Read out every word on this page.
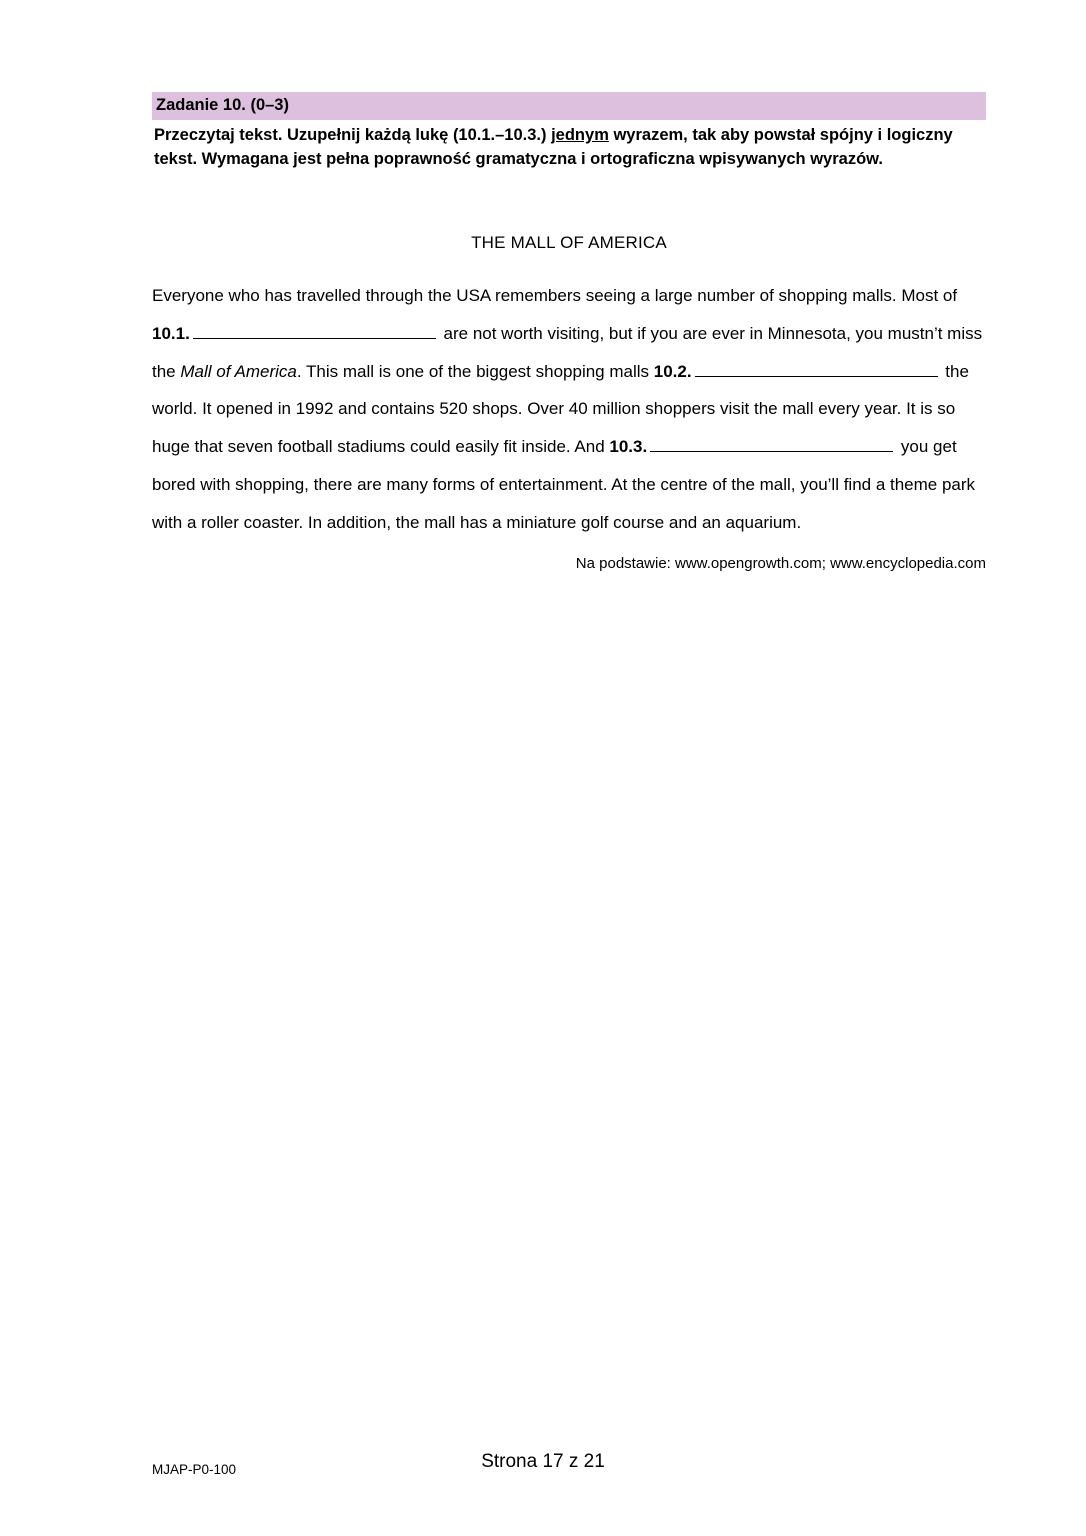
Zadanie 10. (0–3)
Przeczytaj tekst. Uzupełnij każdą lukę (10.1.–10.3.) jednym wyrazem, tak aby powstał spójny i logiczny tekst. Wymagana jest pełna poprawność gramatyczna i ortograficzna wpisywanych wyrazów.
THE MALL OF AMERICA
Everyone who has travelled through the USA remembers seeing a large number of shopping malls. Most of 10.1.	are not worth visiting, but if you are ever in Minnesota, you mustn’t miss the Mall of America. This mall is one of the biggest shopping malls 10.2.	the world. It opened in 1992 and contains 520 shops. Over 40 million shoppers visit the mall every year. It is so huge that seven football stadiums could easily fit inside. And 10.3.	you get bored with shopping, there are many forms of entertainment. At the centre of the mall, you’ll find a theme park with a roller coaster. In addition, the mall has a miniature golf course and an aquarium.
Na podstawie: www.opengrowth.com; www.encyclopedia.com
MJAP-P0-100	Strona 17 z 21
